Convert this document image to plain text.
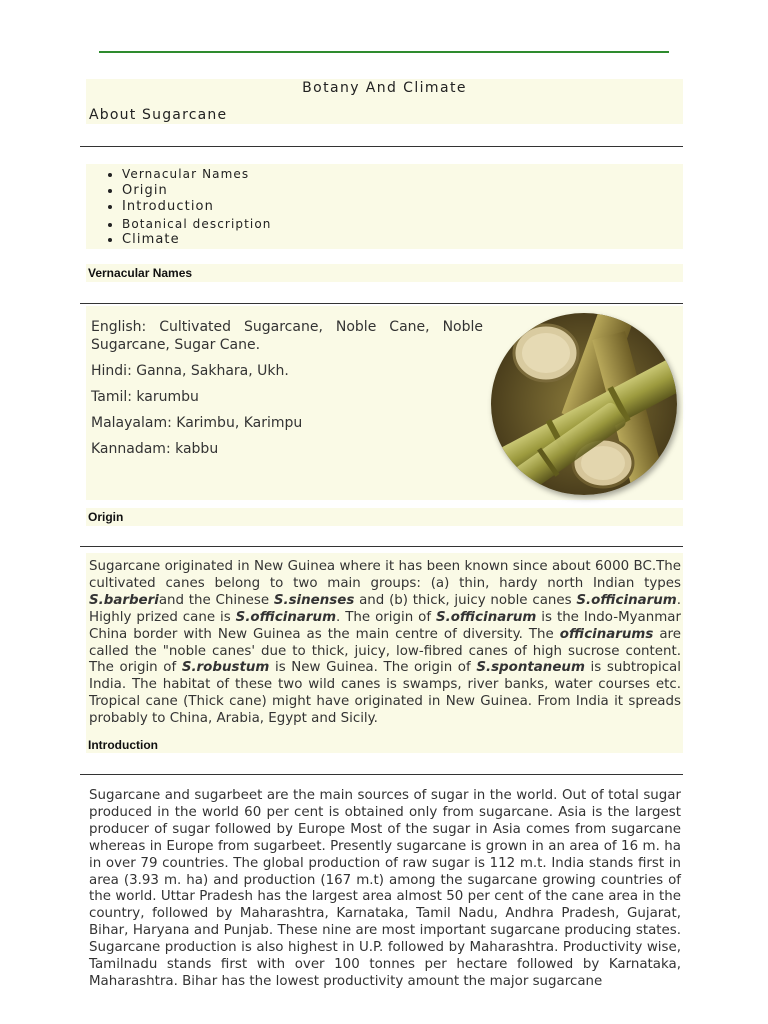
Botany And Climate
About Sugarcane
• Vernacular Names
• Origin
• Introduction
• Botanical description
• Climate
Vernacular Names

English: Cultivated Sugarcane, Noble Cane, Noble Sugarcane, Sugar Cane.

Hindi: Ganna, Sakhara, Ukh.

Tamil: karumbu

Malayalam: Karimbu, Karimpu

Kannadam: kabbu

Origin

Sugarcane originated in New Guinea where it has been known since about 6000 BC.The cultivated canes belong to two main groups: (a) thin, hardy north Indian types S.barberiand the Chinese S.sinenses and (b) thick, juicy noble canes S.officinarum. Highly prized cane is S.officinarum. The origin of S.officinarum is the Indo-Myanmar China border with New Guinea as the main centre of diversity. The officinarums are called the "noble canes' due to thick, juicy, low-fibred canes of high sucrose content. The origin of S.robustum is New Guinea. The origin of S.spontaneum is subtropical India. The habitat of these two wild canes is swamps, river banks, water courses etc. Tropical cane (Thick cane) might have originated in New Guinea. From India it spreads probably to China, Arabia, Egypt and Sicily.

Introduction

Sugarcane and sugarbeet are the main sources of sugar in the world. Out of total sugar produced in the world 60 per cent is obtained only from sugarcane. Asia is the largest producer of sugar followed by Europe Most of the sugar in Asia comes from sugarcane whereas in Europe from sugarbeet. Presently sugarcane is grown in an area of 16 m. ha in over 79 countries. The global production of raw sugar is 112 m.t. India stands first in area (3.93 m. ha) and production (167 m.t) among the sugarcane growing countries of the world. Uttar Pradesh has the largest area almost 50 per cent of the cane area in the country, followed by Maharashtra, Karnataka, Tamil Nadu, Andhra Pradesh, Gujarat, Bihar, Haryana and Punjab. These nine are most important sugarcane producing states. Sugarcane production is also highest in U.P. followed by Maharashtra. Productivity wise, Tamilnadu stands first with over 100 tonnes per hectare followed by Karnataka, Maharashtra. Bihar has the lowest productivity amount the major sugarcane
